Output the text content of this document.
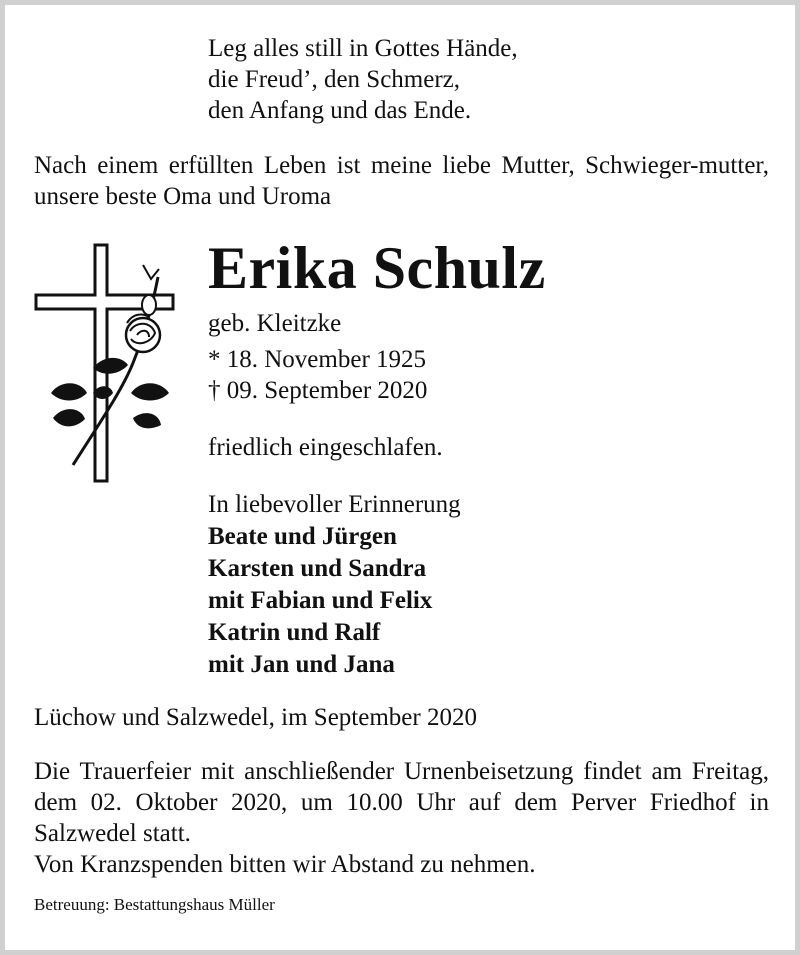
Leg alles still in Gottes Hände,
die Freud’, den Schmerz,
den Anfang und das Ende.
Nach einem erfüllten Leben ist meine liebe Mutter, Schwieger-mutter, unsere beste Oma und Uroma
Erika Schulz
geb. Kleitzke
* 18. November 1925
† 09. September 2020
friedlich eingeschlafen.
In liebevoller Erinnerung
Beate und Jürgen
Karsten und Sandra
mit Fabian und Felix
Katrin und Ralf
mit Jan und Jana
Lüchow und Salzwedel, im September 2020
Die Trauerfeier mit anschließender Urnenbeisetzung findet am Freitag, dem 02. Oktober 2020, um 10.00 Uhr auf dem Perver Friedhof in Salzwedel statt.
Von Kranzspenden bitten wir Abstand zu nehmen.
Betreuung: Bestattungshaus Müller
